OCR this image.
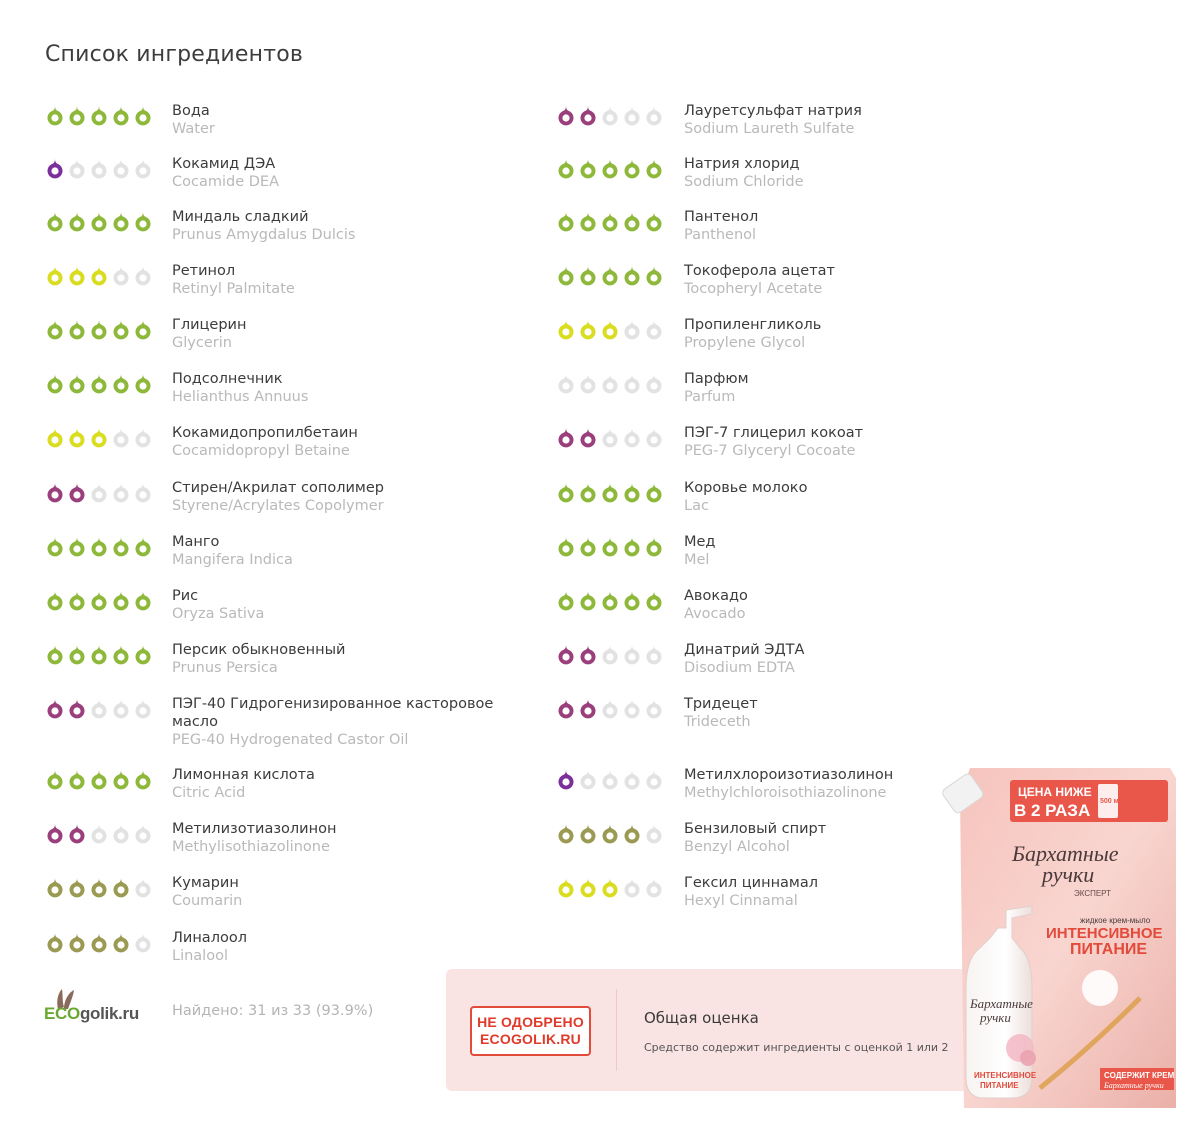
Список ингредиентов
Вода
Water
Кокамид ДЭА
Cocamide DEA
Миндаль сладкий
Prunus Amygdalus Dulcis
Ретинол
Retinyl Palmitate
Глицерин
Glycerin
Подсолнечник
Helianthus Annuus
Кокамидопропилбетаин
Cocamidopropyl Betaine
Стирен/Акрилат сополимер
Styrene/Acrylates Copolymer
Манго
Mangifera Indica
Рис
Oryza Sativa
Персик обыкновенный
Prunus Persica
ПЭГ-40 Гидрогенизированное касторовое масло
PEG-40 Hydrogenated Castor Oil
Лимонная кислота
Citric Acid
Метилизотиазолинон
Methylisothiazolinone
Кумарин
Coumarin
Линалоол
Linalool
Лауретсульфат натрия
Sodium Laureth Sulfate
Натрия хлорид
Sodium Chloride
Пантенол
Panthenol
Токоферола ацетат
Tocopheryl Acetate
Пропиленгликоль
Propylene Glycol
Парфюм
Parfum
ПЭГ-7 глицерил кокоат
PEG-7 Glyceryl Cocoate
Коровье молоко
Lac
Мед
Mel
Авокадо
Avocado
Динатрий ЭДТА
Disodium EDTA
Тридецет
Trideceth
Метилхлороизотиазолинон
Methylchloroisothiazolinone
Бензиловый спирт
Benzyl Alcohol
Гексил циннамал
Hexyl Cinnamal
ECOgolik.ru Найдено: 31 из 33 (93.9%)
НЕ ОДОБРЕНО
ECOGOLIK.RU
Общая оценка
Средство содержит ингредиенты с оценкой 1 или 2
ЦЕНА НИЖЕ
В 2 РАЗА 500 мл
Бархатные
ручки
ЭКСПЕРТ
жидкое крем-мыло
ИНТЕНСИВНОЕ
ПИТАНИЕ
Бархатные
ручки
ИНТЕНСИВНОЕ
ПИТАНИЕ
СОДЕРЖИТ КРЕМ
Бархатные ручки
